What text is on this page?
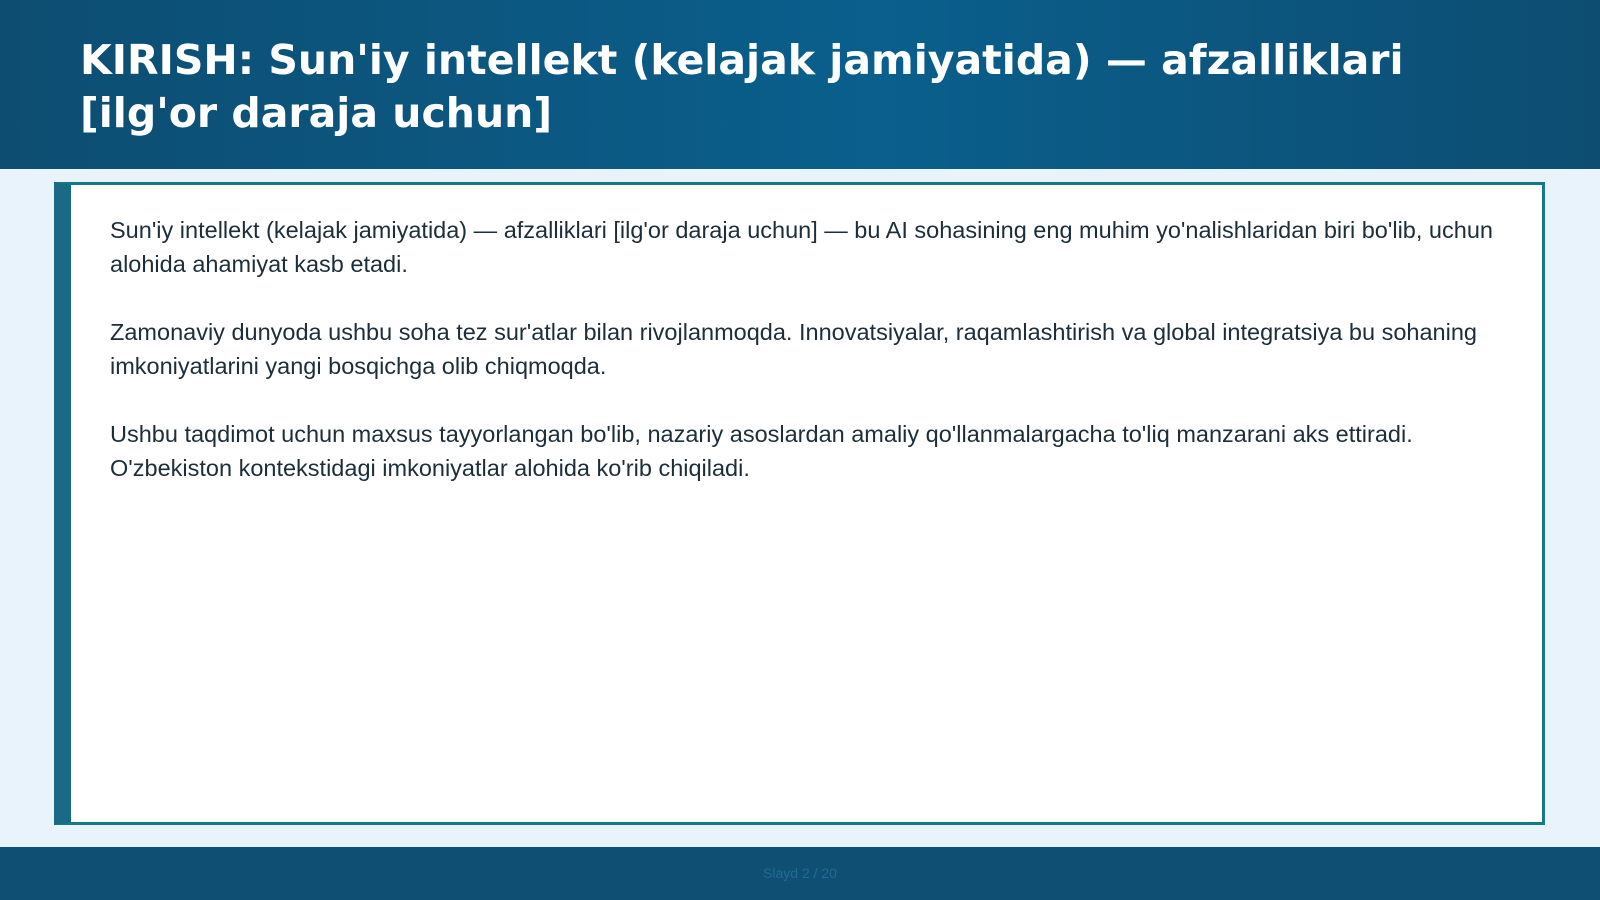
KIRISH: Sun'iy intellekt (kelajak jamiyatida) — afzalliklari [ilg'or daraja uchun]

Sun'iy intellekt (kelajak jamiyatida) — afzalliklari [ilg'or daraja uchun] — bu AI sohasining eng muhim yo'nalishlaridan biri bo'lib, uchun alohida ahamiyat kasb etadi.

Zamonaviy dunyoda ushbu soha tez sur'atlar bilan rivojlanmoqda. Innovatsiyalar, raqamlashtirish va global integratsiya bu sohaning imkoniyatlarini yangi bosqichga olib chiqmoqda.

Ushbu taqdimot uchun maxsus tayyorlangan bo'lib, nazariy asoslardan amaliy qo'llanmalargacha to'liq manzarani aks ettiradi. O'zbekiston kontekstidagi imkoniyatlar alohida ko'rib chiqiladi.

Slayd 2 / 20
